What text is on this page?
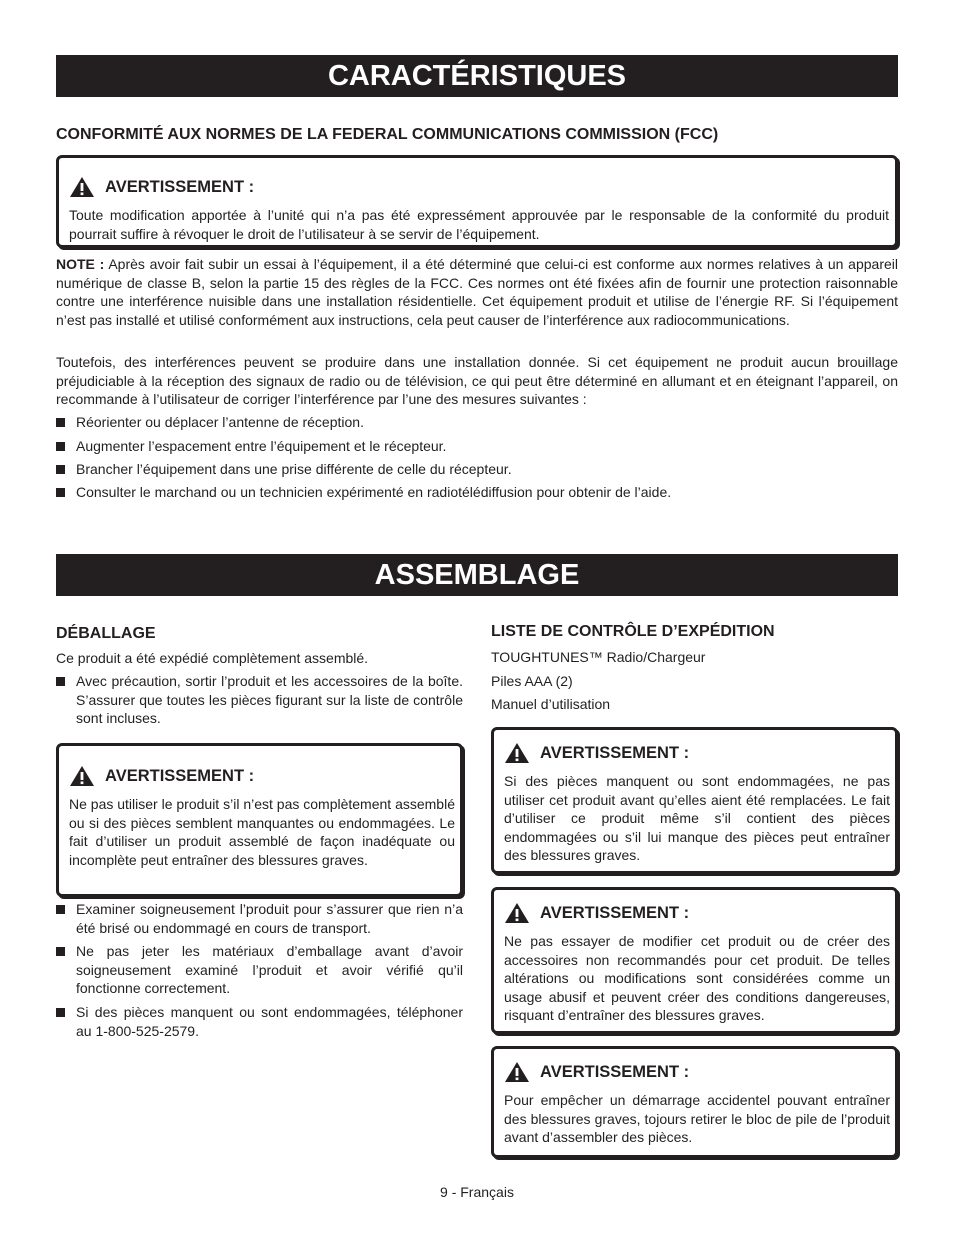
CARACTÉRISTIQUES
CONFORMITÉ AUX NORMES DE LA FEDERAL COMMUNICATIONS COMMISSION (FCC)
AVERTISSEMENT :

Toute modification apportée à l’unité qui n’a pas été expressément approuvée par le responsable de la conformité du produit pourrait suffire à révoquer le droit de l’utilisateur à se servir de l’équipement.

NOTE : Après avoir fait subir un essai à l’équipement, il a été déterminé que celui-ci est conforme aux normes relatives à un appareil numérique de classe B, selon la partie 15 des règles de la FCC. Ces normes ont été fixées afin de fournir une protection raisonnable contre une interférence nuisible dans une installation résidentielle. Cet équipement produit et utilise de l’énergie RF. Si l’équipement n’est pas installé et utilisé conformément aux instructions, cela peut causer de l’interférence aux radiocommunications.

Toutefois, des interférences peuvent se produire dans une installation donnée. Si cet équipement ne produit aucun brouillage préjudiciable à la réception des signaux de radio ou de télévision, ce qui peut être déterminé en allumant et en éteignant l’appareil, on recommande à l’utilisateur de corriger l’interférence par l’une des mesures suivantes :

Réorienter ou déplacer l’antenne de réception.
Augmenter l’espacement entre l’équipement et le récepteur.
Brancher l’équipement dans une prise différente de celle du récepteur.
Consulter le marchand ou un technicien expérimenté en radiotélédiffusion pour obtenir de l’aide.
ASSEMBLAGE
DÉBALLAGE

Ce produit a été expédié complètement assemblé.

Avec précaution, sortir l’produit et les accessoires de la boîte. S’assurer que toutes les pièces figurant sur la liste de contrôle sont incluses.
AVERTISSEMENT :

Ne pas utiliser le produit s’il n’est pas complètement assemblé ou si des pièces semblent manquantes ou endommagées. Le fait d’utiliser un produit assemblé de façon inadéquate ou incomplète peut entraîner des blessures graves.

Examiner soigneusement l’produit pour s’assurer que rien n’a été brisé ou endommagé en cours de transport.
Ne pas jeter les matériaux d’emballage avant d’avoir soigneusement examiné l’produit et avoir vérifié qu’il fonctionne correctement.
Si des pièces manquent ou sont endommagées, téléphoner au 1-800-525-2579.
LISTE DE CONTRÔLE D’EXPÉDITION

TOUGHTUNES™ Radio/Chargeur

Piles AAA (2)

Manuel d’utilisation

AVERTISSEMENT :

Si des pièces manquent ou sont endommagées, ne pas utiliser cet produit avant qu’elles aient été remplacées. Le fait d’utiliser ce produit même s’il contient des pièces endommagées ou s’il lui manque des pièces peut entraîner des blessures graves.

AVERTISSEMENT :

Ne pas essayer de modifier cet produit ou de créer des accessoires non recommandés pour cet produit. De telles altérations ou modifications sont considérées comme un usage abusif et peuvent créer des conditions dangereuses, risquant d’entraîner des blessures graves.

AVERTISSEMENT :

Pour empêcher un démarrage accidentel pouvant entraîner des blessures graves, tojours retirer le bloc de pile de l’produit avant d’assembler des pièces.

9 - Français
